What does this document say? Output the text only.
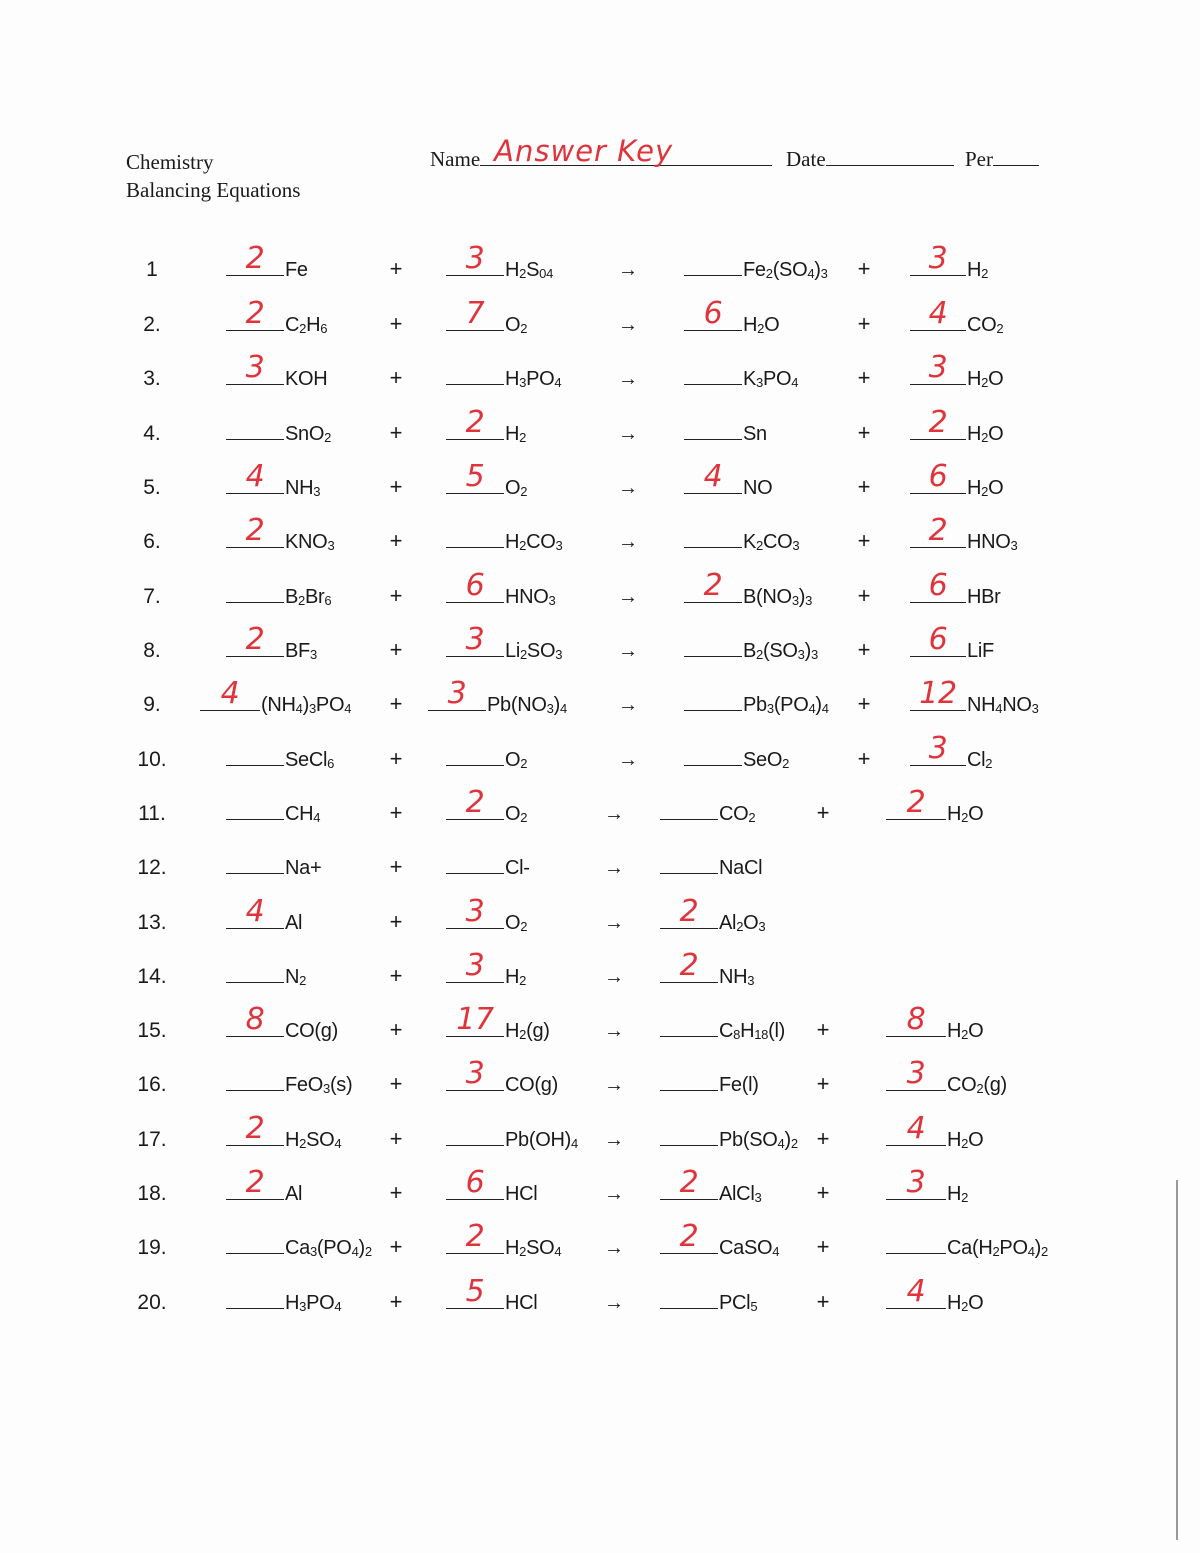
Chemistry
Balancing Equations
Name Answer Key	Date	Per
1	2	Fe	+	3	$H_2S_{04}$	→	$Fe_2(SO_4)_3$	+	3 $H_2$
2.	2	$C_2H_6$	+	7	$O_2$	→	6	$H_2O$	+	4 $CO_2$
3.	3	KOH	+	$H_3PO_4$	→	$K_3PO_4$	+	3 $H_2O$
4.	SnO$_2$	+	2	$H_2$	→	Sn	+	2 $H_2O$
5.	4	$NH_3$	+	5	$O_2$	→	4	NO	+	6 $H_2O$
6.	2	$KNO_3$	+	$H_2CO_3$	→	$K_2CO_3$	+	2 $HNO_3$
7.	$B_2Br_6$	+	6	$HNO_3$	→	2	$B(NO_3)_3$	+	6 HBr
8.	2	$BF_3$	+	3	$Li_2SO_3$	→	$B_2(SO_3)_3$	+	6 LiF
9.	4	$(NH_4)_3PO_4$	+	3	$Pb(NO_3)_4$	→	$Pb_3(PO_4)_4$	+	12 $NH_4NO_3$
10.	SeCl$_6$	+	$O_2$	→	SeO$_2$	+	3 $Cl_2$
11.	$CH_4$	+	2	$O_2$	→	$CO_2$	+	2	$H_2O$
12.	Na+	+	Cl-	→	NaCl
13.	4	Al	+	3	$O_2$	→	2	$Al_2O_3$
14.	$N_2$	+	3	$H_2$	→	2	$NH_3$
15.	8	CO(g)	+	17 $H_2(g)$	→	$C_8H_{18}(l)$	+	8	$H_2O$
16.	FeO$_3$(s)	+	3	CO(g)	→	Fe(l)	+	3	$CO_2(g)$
17.	2	$H_2SO_4$	+	$Pb(OH)_4$	→	$Pb(SO_4)_2$ +	4	$H_2O$
18.	2	Al	+	6	HCl	→	2	AlCl$_3$	+	3	$H_2$
19.	$Ca_3(PO_4)_2$ +	2	$H_2SO_4$	→	2	CaSO$_4$	+	$Ca(H_2PO_4)_2$
20.	$H_3PO_4$	+	5	HCl	→	PCl$_5$	+	4	$H_2O$
